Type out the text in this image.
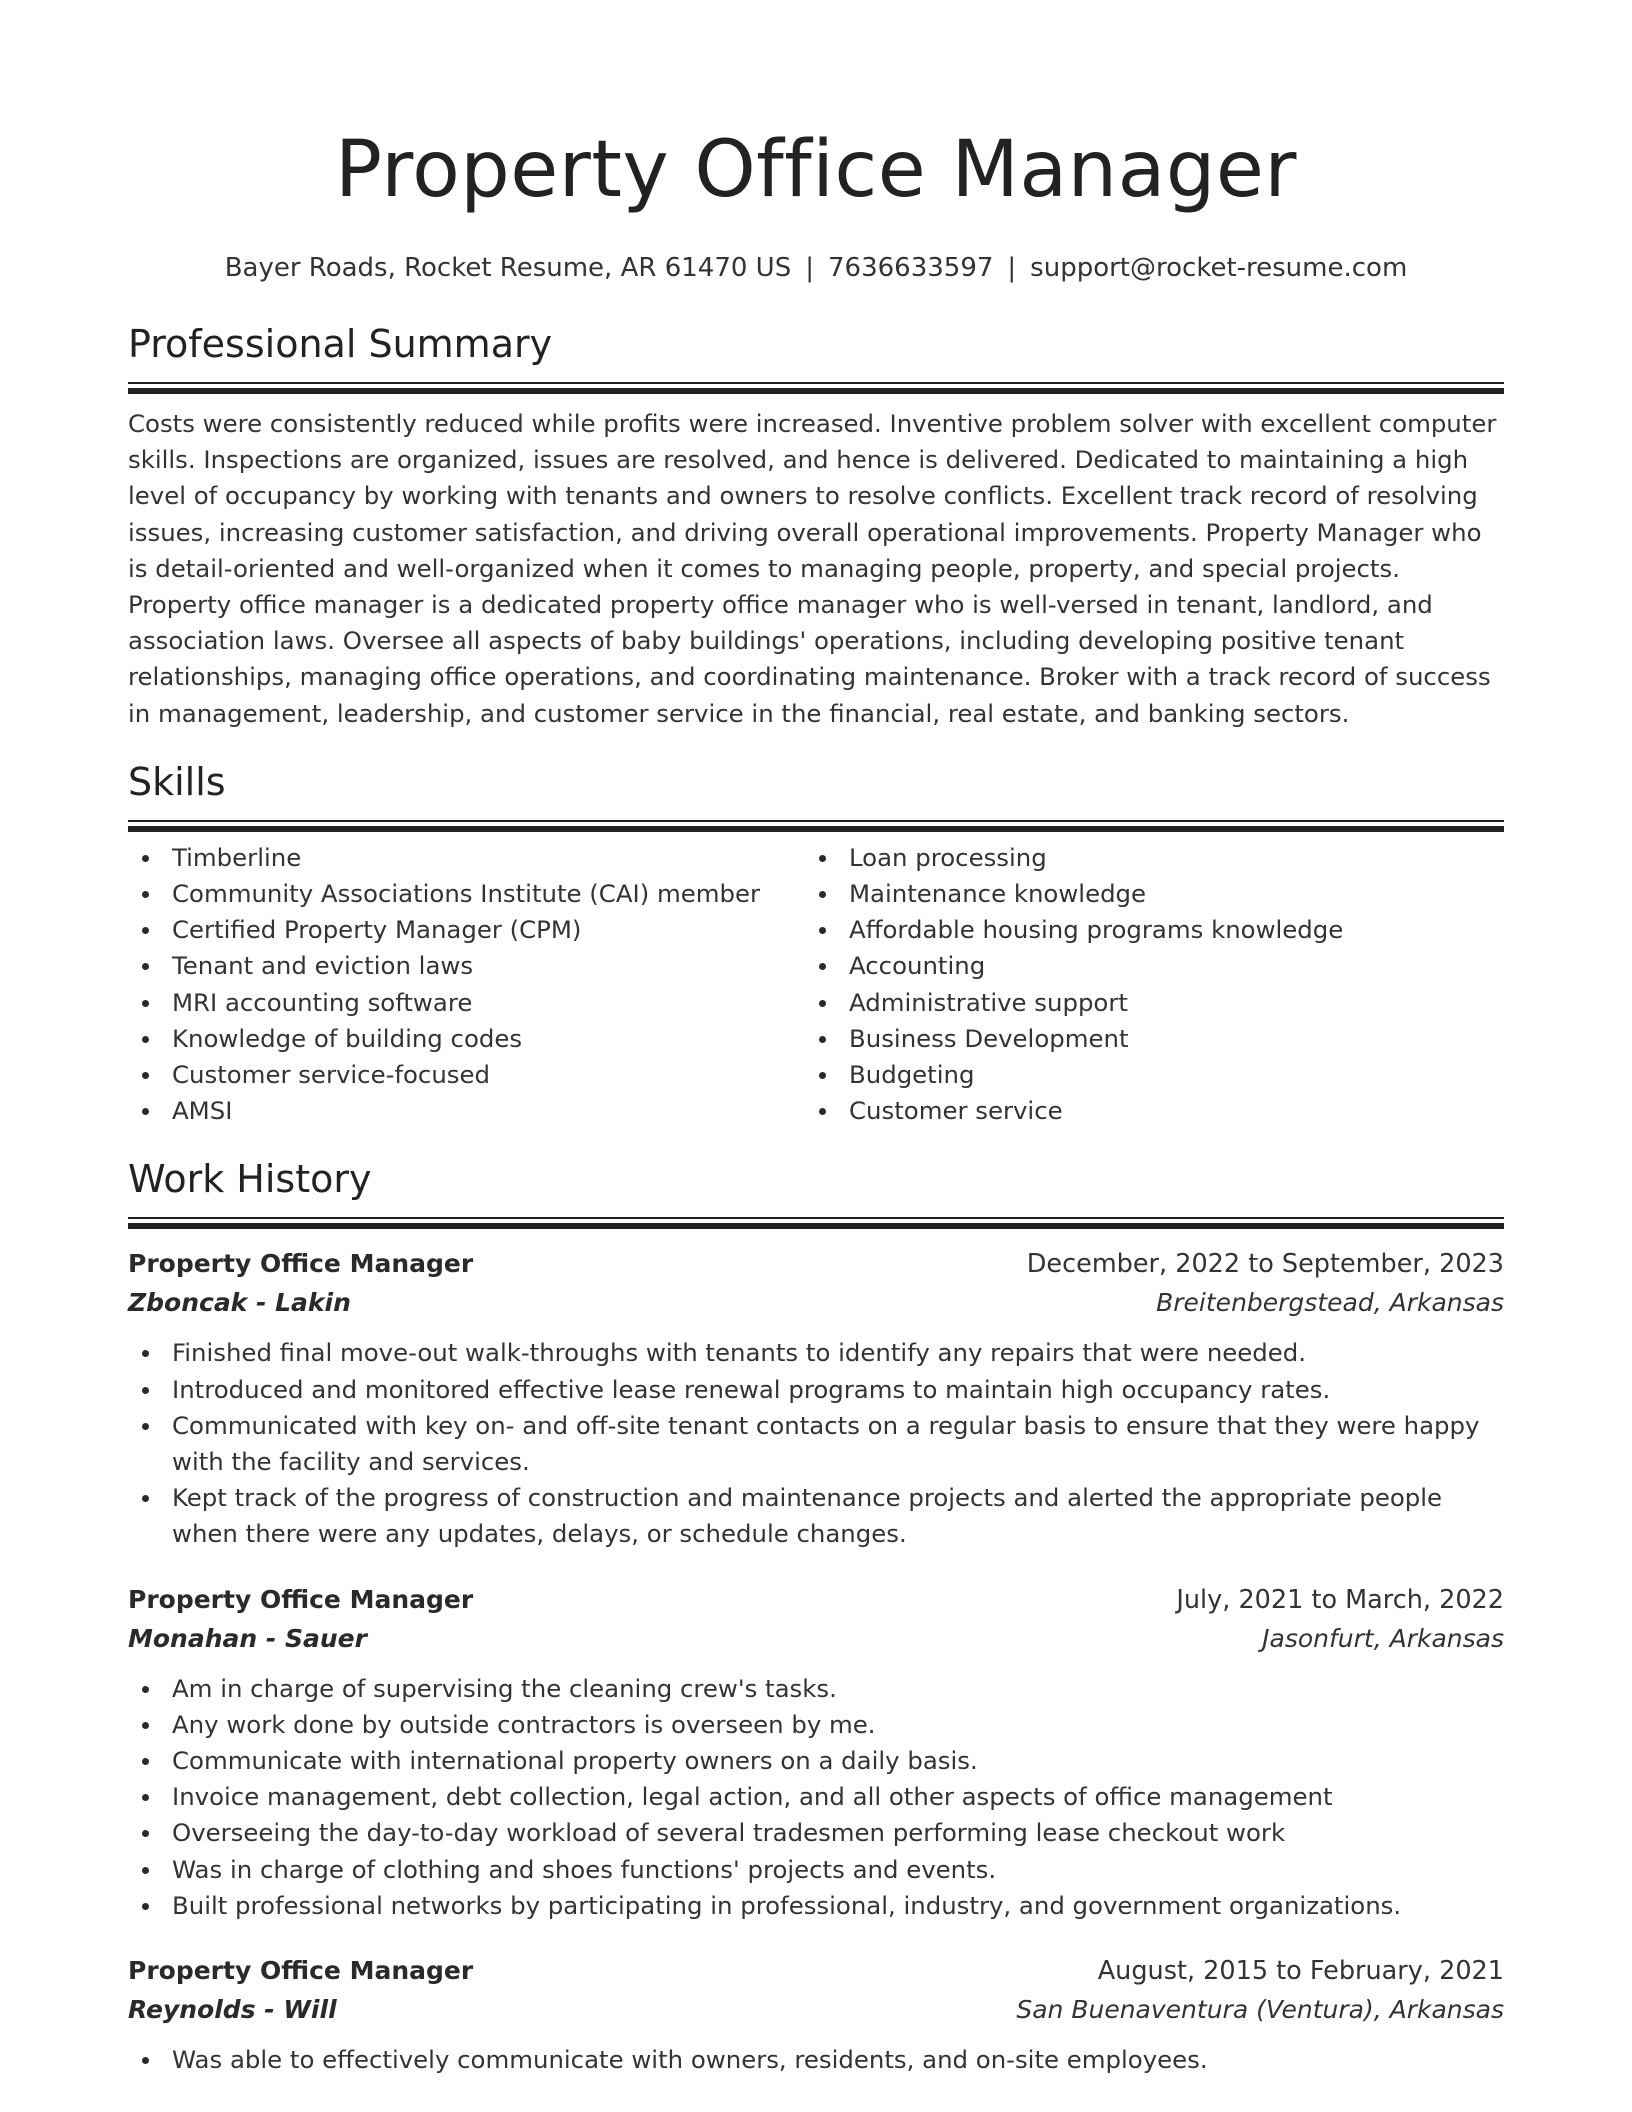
Property Office Manager
Bayer Roads, Rocket Resume, AR 61470 US | 7636633597 | support@rocket-resume.com
Professional Summary

Costs were consistently reduced while profits were increased. Inventive problem solver with excellent computer skills. Inspections are organized, issues are resolved, and hence is delivered. Dedicated to maintaining a high level of occupancy by working with tenants and owners to resolve conflicts. Excellent track record of resolving issues, increasing customer satisfaction, and driving overall operational improvements. Property Manager who is detail-oriented and well-organized when it comes to managing people, property, and special projects. Property office manager is a dedicated property office manager who is well-versed in tenant, landlord, and association laws. Oversee all aspects of baby buildings' operations, including developing positive tenant relationships, managing office operations, and coordinating maintenance. Broker with a track record of success in management, leadership, and customer service in the financial, real estate, and banking sectors.

Skills
Timberline
Community Associations Institute (CAI) member
Certified Property Manager (CPM)
Tenant and eviction laws
MRI accounting software
Knowledge of building codes
Customer service-focused
AMSI
Loan processing
Maintenance knowledge
Affordable housing programs knowledge
Accounting
Administrative support
Business Development
Budgeting
Customer service
Work History
Property Office Manager	December, 2022 to September, 2023
Zboncak - Lakin	Breitenbergstead, Arkansas
Finished final move-out walk-throughs with tenants to identify any repairs that were needed.
Introduced and monitored effective lease renewal programs to maintain high occupancy rates.
Communicated with key on- and off-site tenant contacts on a regular basis to ensure that they were happy with the facility and services.
Kept track of the progress of construction and maintenance projects and alerted the appropriate people when there were any updates, delays, or schedule changes.
Property Office Manager	July, 2021 to March, 2022
Monahan - Sauer	Jasonfurt, Arkansas
Am in charge of supervising the cleaning crew's tasks.
Any work done by outside contractors is overseen by me.
Communicate with international property owners on a daily basis.
Invoice management, debt collection, legal action, and all other aspects of office management
Overseeing the day-to-day workload of several tradesmen performing lease checkout work
Was in charge of clothing and shoes functions' projects and events.
Built professional networks by participating in professional, industry, and government organizations.
Property Office Manager	August, 2015 to February, 2021
Reynolds - Will	San Buenaventura (Ventura), Arkansas
Was able to effectively communicate with owners, residents, and on-site employees.
